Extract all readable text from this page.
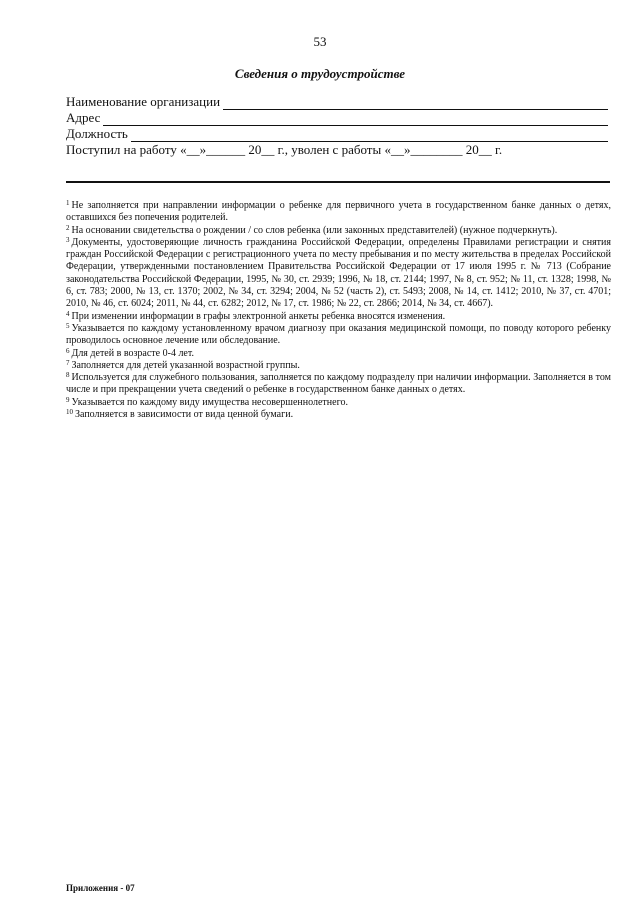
53
Сведения о трудоустройстве
Наименование организации
Адрес
Должность
Поступил на работу «__»______ 20__ г., уволен с работы «__»________ 20__ г.
$^1$ Не заполняется при направлении информации о ребенке для первичного учета в государственном банке данных о детях, оставшихся без попечения родителей.
$^2$ На основании свидетельства о рождении / со слов ребенка (или законных представителей) (нужное подчеркнуть).
$^3$ Документы, удостоверяющие личность гражданина Российской Федерации, определены Правилами регистрации и снятия граждан Российской Федерации с регистрационного учета по месту пребывания и по месту жительства в пределах Российской Федерации, утвержденными постановлением Правительства Российской Федерации от 17 июля 1995 г. № 713 (Собрание законодательства Российской Федерации, 1995, № 30, ст. 2939; 1996, № 18, ст. 2144; 1997, № 8, ст. 952; № 11, ст. 1328; 1998, № 6, ст. 783; 2000, № 13, ст. 1370; 2002, № 34, ст. 3294; 2004, № 52 (часть 2), ст. 5493; 2008, № 14, ст. 1412; 2010, № 37, ст. 4701; 2010, № 46, ст. 6024; 2011, № 44, ст. 6282; 2012, № 17, ст. 1986; № 22, ст. 2866; 2014, № 34, ст. 4667).
$^4$ При изменении информации в графы электронной анкеты ребенка вносятся изменения.
$^5$ Указывается по каждому установленному врачом диагнозу при оказания медицинской помощи, по поводу которого ребенку проводилось основное лечение или обследование.
$^6$ Для детей в возрасте 0-4 лет.
$^7$ Заполняется для детей указанной возрастной группы.
$^8$ Используется для служебного пользования, заполняется по каждому подразделу при наличии информации. Заполняется в том числе и при прекращении учета сведений о ребенке в государственном банке данных о детях.
$^9$ Указывается по каждому виду имущества несовершеннолетнего.
$^{10}$ Заполняется в зависимости от вида ценной бумаги.
Приложения - 07
